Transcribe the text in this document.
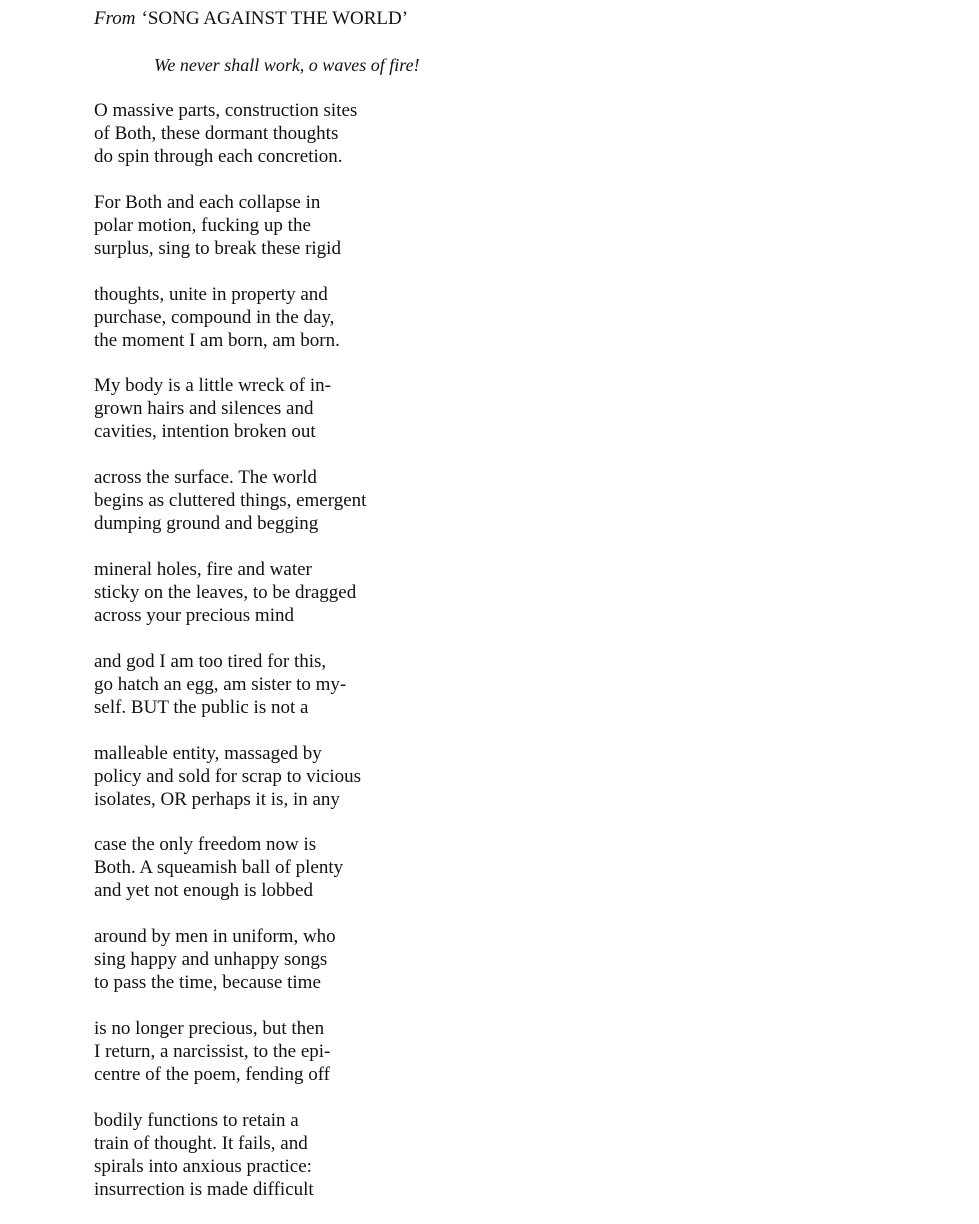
From ‘SONG AGAINST THE WORLD’
We never shall work, o waves of fire!
O massive parts, construction sites
of Both, these dormant thoughts
do spin through each concretion.
For Both and each collapse in
polar motion, fucking up the
surplus, sing to break these rigid
thoughts, unite in property and
purchase, compound in the day,
the moment I am born, am born.
My body is a little wreck of in-
grown hairs and silences and
cavities, intention broken out
across the surface. The world
begins as cluttered things, emergent
dumping ground and begging
mineral holes, fire and water
sticky on the leaves, to be dragged
across your precious mind
and god I am too tired for this,
go hatch an egg, am sister to my-
self. BUT the public is not a
malleable entity, massaged by
policy and sold for scrap to vicious
isolates, OR perhaps it is, in any
case the only freedom now is
Both. A squeamish ball of plenty
and yet not enough is lobbed
around by men in uniform, who
sing happy and unhappy songs
to pass the time, because time
is no longer precious, but then
I return, a narcissist, to the epi-
centre of the poem, fending off
bodily functions to retain a
train of thought. It fails, and
spirals into anxious practice:
insurrection is made difficult
